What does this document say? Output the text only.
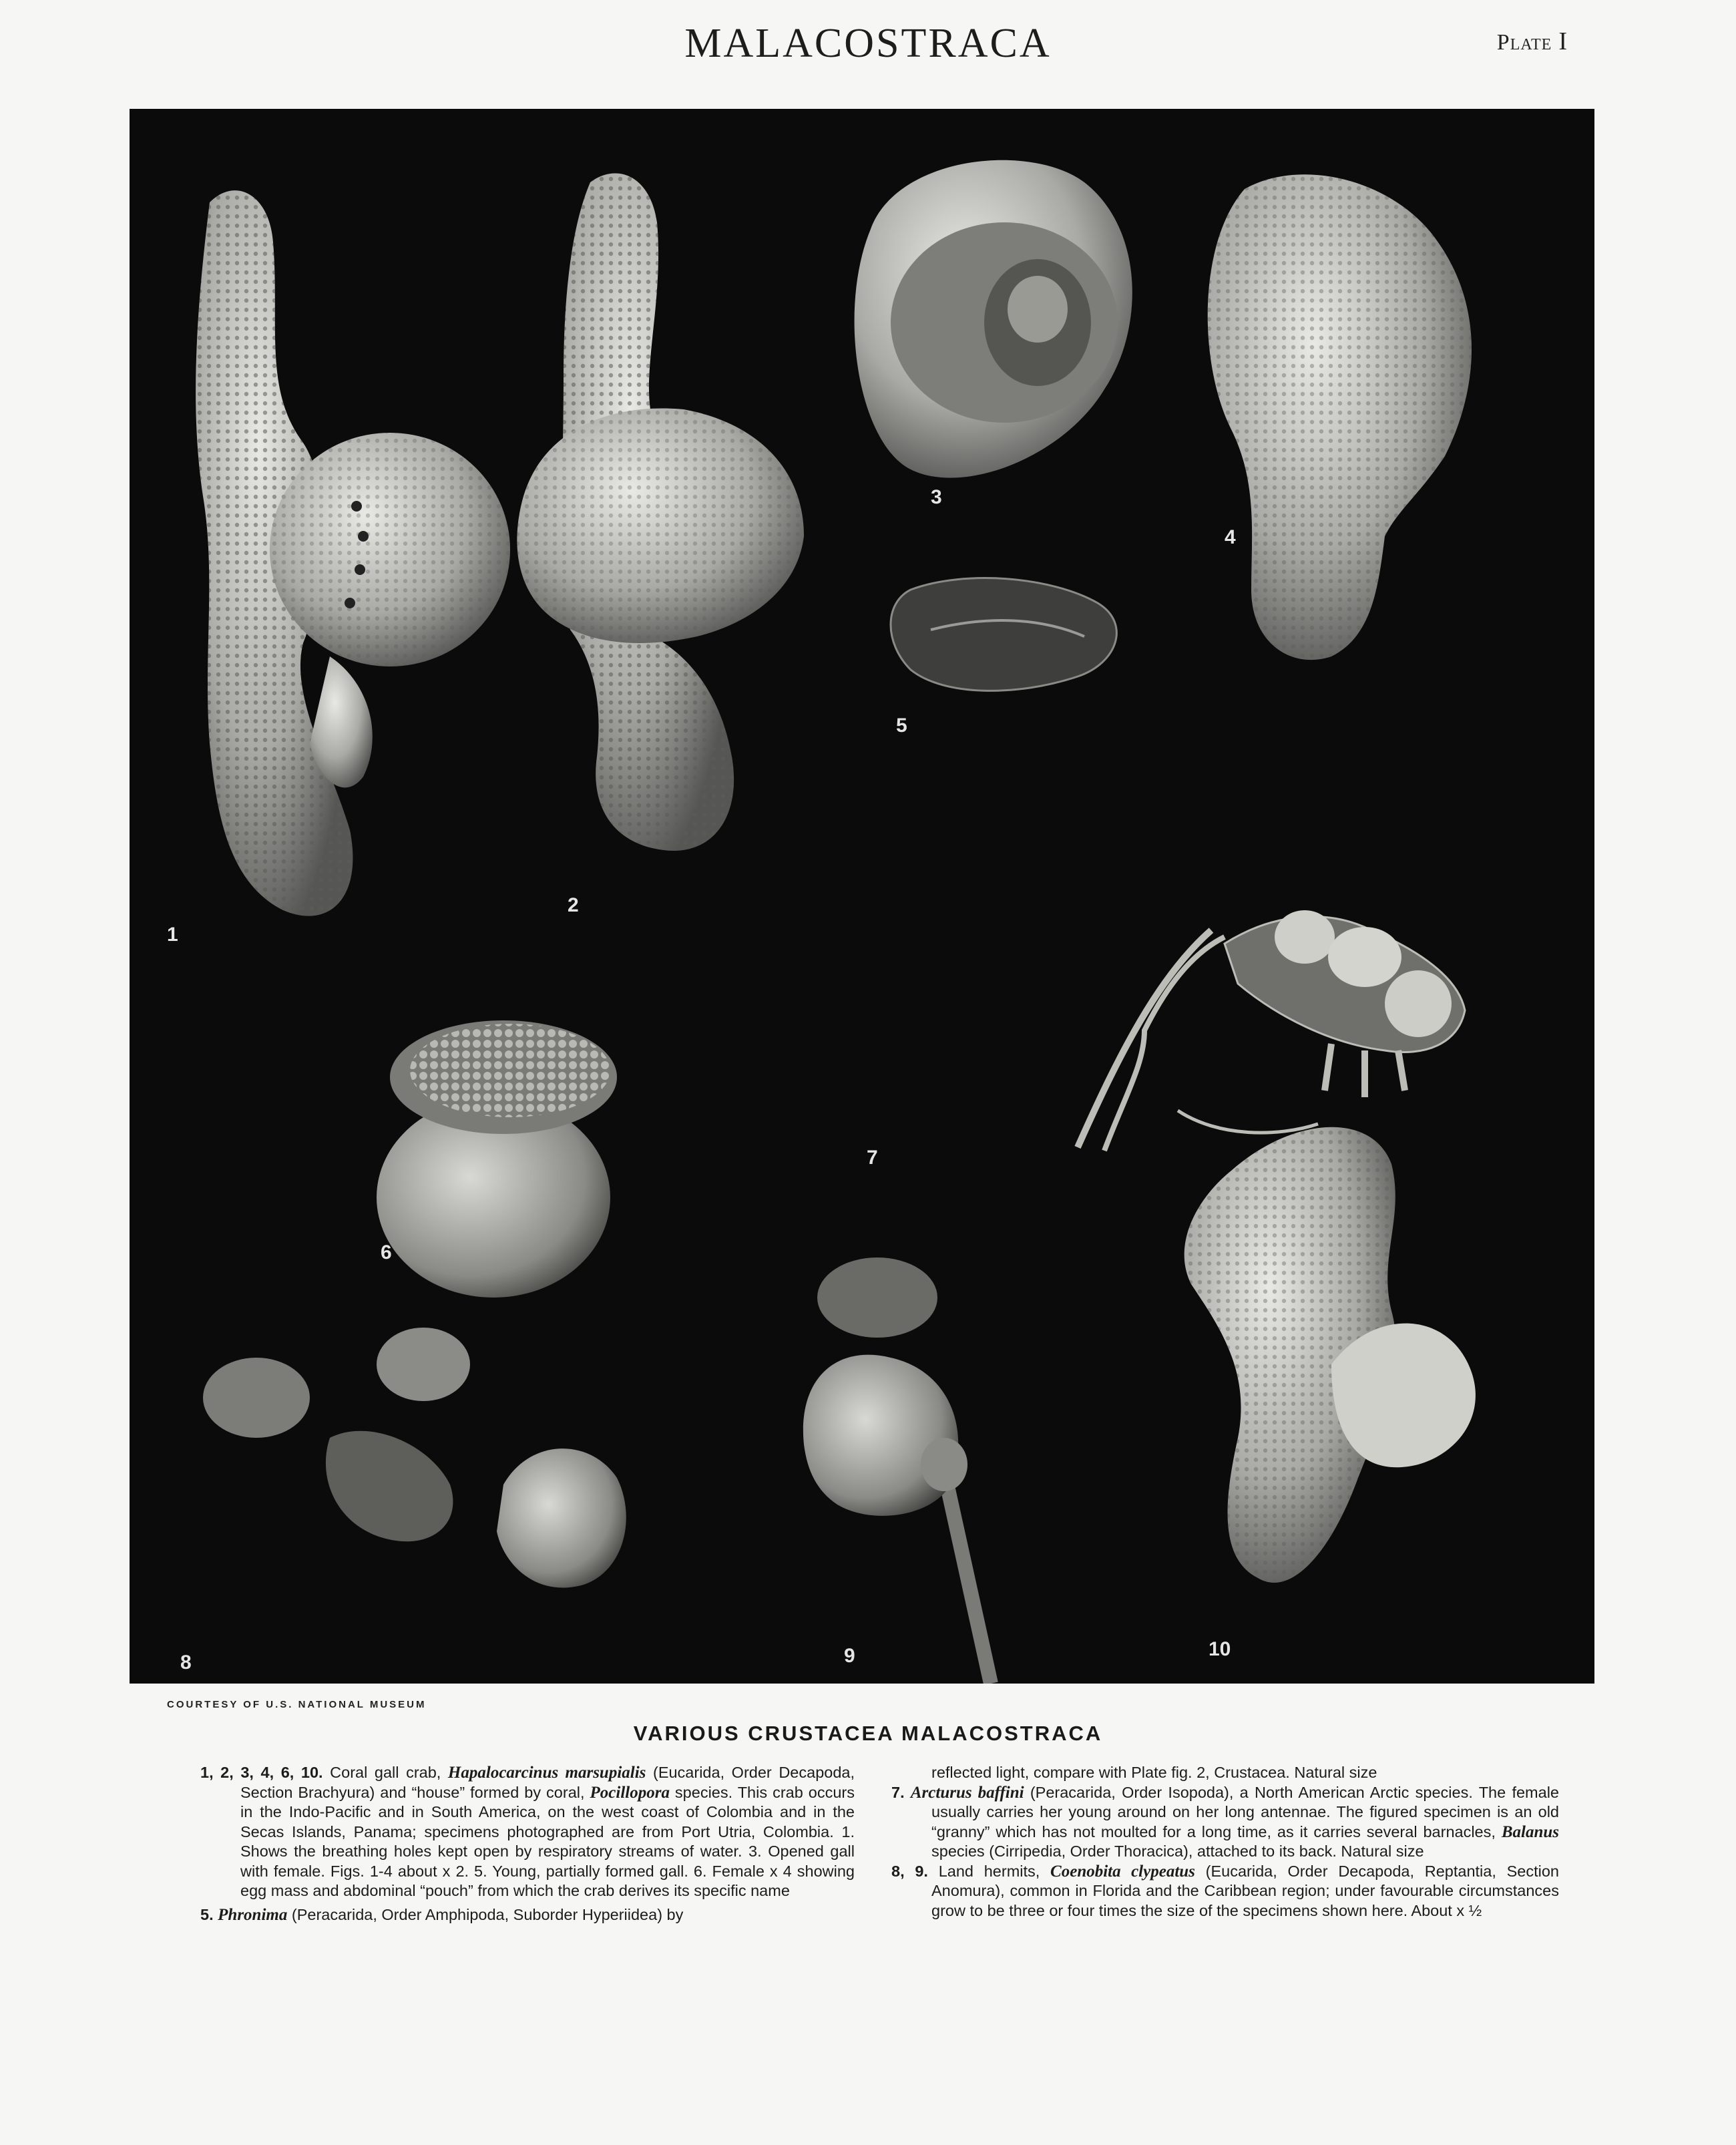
MALACOSTRACA	Plate I
1
2
3
4
5
6
7
8	9	10
COURTESY OF U.S. NATIONAL MUSEUM
VARIOUS CRUSTACEA MALACOSTRACA

1, 2, 3, 4, 6, 10. Coral gall crab, Hapalocarcinus marsupialis (Eucarida, Order Decapoda, Section Brachyura) and “house” formed by coral, Pocillopora species. This crab occurs in the Indo-Pacific and in South America, on the west coast of Colombia and in the Secas Islands, Panama; specimens photographed are from Port Utria, Colombia. 1. Shows the breathing holes kept open by respiratory streams of water. 3. Opened gall with female. Figs. 1-4 about x 2. 5. Young, partially formed gall. 6. Female x 4 showing egg mass and abdominal “pouch” from which the crab derives its specific name

5. Phronima (Peracarida, Order Amphipoda, Suborder Hyperiidea) by

reflected light, compare with Plate fig. 2, Crustacea. Natural size

7. Arcturus baffini (Peracarida, Order Isopoda), a North American Arctic species. The female usually carries her young around on her long antennae. The figured specimen is an old “granny” which has not moulted for a long time, as it carries several barnacles, Balanus species (Cirripedia, Order Thoracica), attached to its back. Natural size

8, 9. Land hermits, Coenobita clypeatus (Eucarida, Order Decapoda, Reptantia, Section Anomura), common in Florida and the Caribbean region; under favourable circumstances grow to be three or four times the size of the specimens shown here. About x ½
